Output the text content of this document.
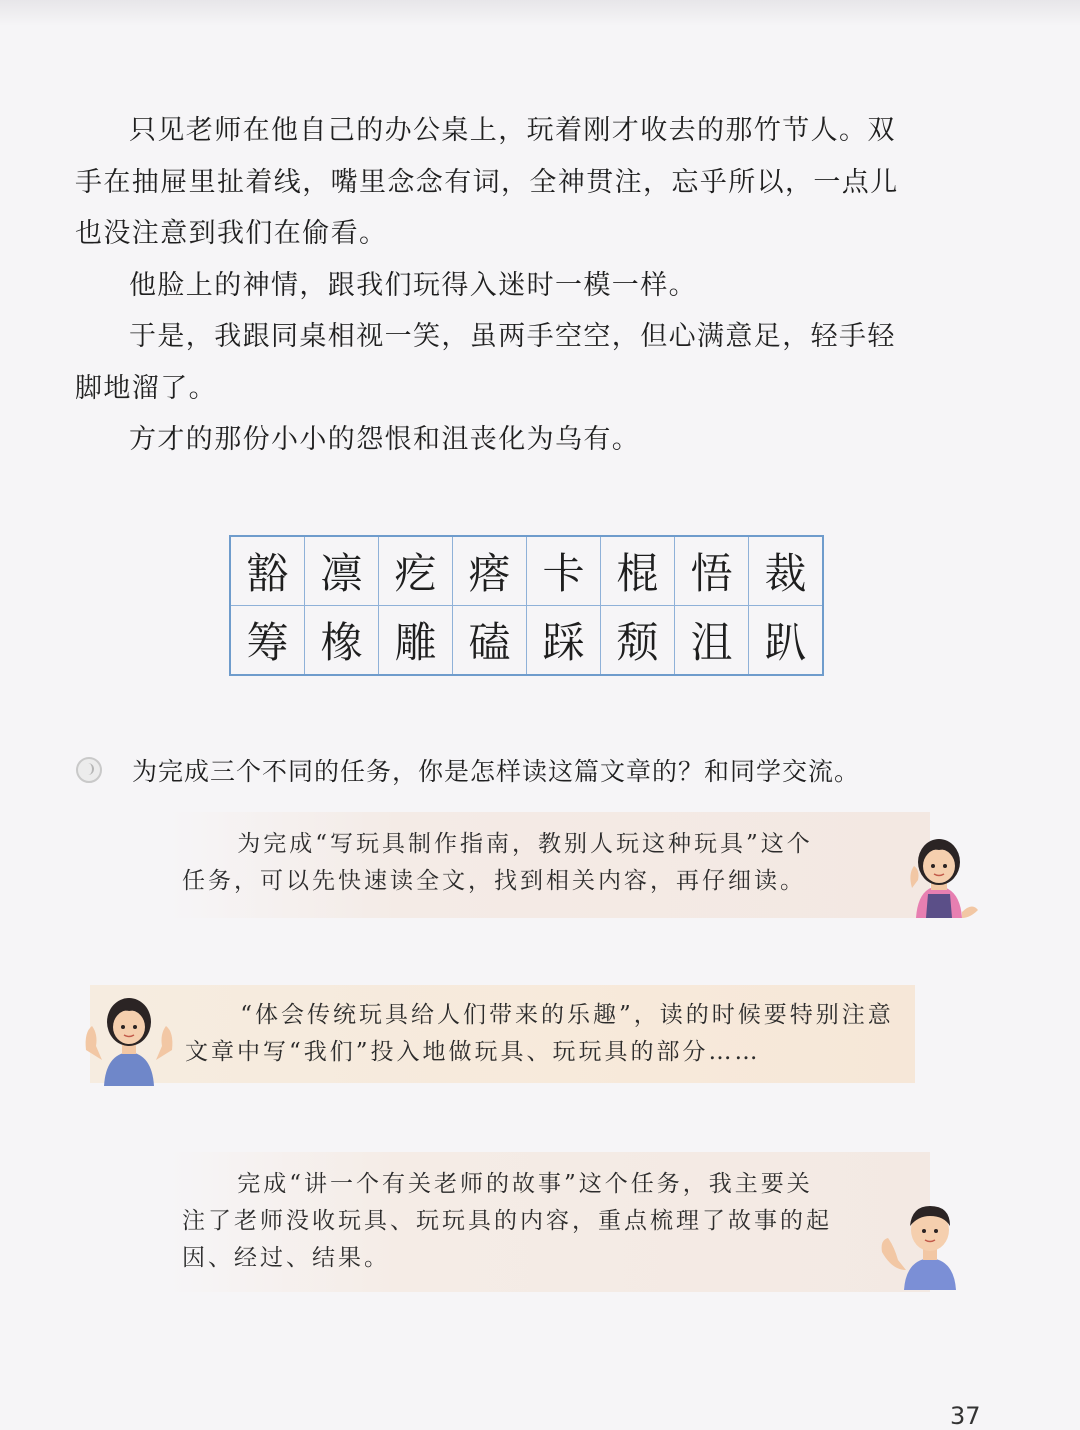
只见老师在他自己的办公桌上，玩着刚才收去的那竹节人。双
手在抽屉里扯着线，嘴里念念有词，全神贯注，忘乎所以，一点儿
也没注意到我们在偷看。

他脸上的神情，跟我们玩得入迷时一模一样。

于是，我跟同桌相视一笑，虽两手空空，但心满意足，轻手轻
脚地溜了。

方才的那份小小的怨恨和沮丧化为乌有。

豁	凛	疙	瘩	卡	棍	悟	裁
筹	橡	雕	磕	踩	颓	沮	趴
为完成三个不同的任务，你是怎样读这篇文章的？和同学交流。

为完成“写玩具制作指南，教别人玩这种玩具”这个

任务，可以先快速读全文，找到相关内容，再仔细读。

“体会传统玩具给人们带来的乐趣”，读的时候要特别注意

文章中写“我们”投入地做玩具、玩玩具的部分……

完成“讲一个有关老师的故事”这个任务，我主要关

注了老师没收玩具、玩玩具的内容，重点梳理了故事的起

因、经过、结果。

37
